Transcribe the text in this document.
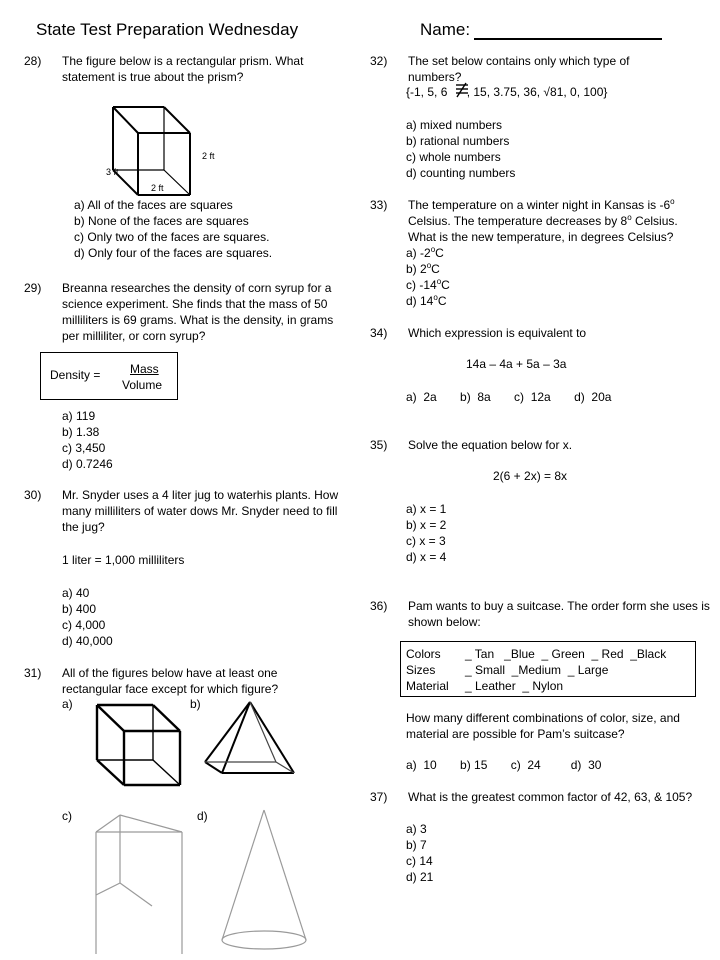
State Test Preparation Wednesday	Name:
28) The figure below is a rectangular prism. What statement is true about the prism?
2 ft
3 ft
2 ft
a) All of the faces are squares
b) None of the faces are squares
c) Only two of the faces are squares.
d) Only four of the faces are squares.
29) Breanna researches the density of corn syrup for a science experiment. She finds that the mass of 50 milliliters is 69 grams. What is the density, in grams per milliliter, or corn syrup?
Density = Mass
Volume
a) 119
b) 1.38
c) 3,450
d) 0.7246
30) Mr. Snyder uses a 4 liter jug to waterhis plants. How many milliliters of water dows Mr. Snyder need to fill the jug?
1 liter = 1,000 milliliters
a) 40
b) 400
c) 4,000
d) 40,000
31) All of the figures below have at least one rectangular face except for which figure?
a)	b)
c)	d)
32) The set below contains only which type of numbers?
{-1, 5, 6
, 15, 3.75, 36, √81, 0, 100}
a) mixed numbers
b) rational numbers
c) whole numbers
d) counting numbers
33) The temperature on a winter night in Kansas is -6$^o$
Celsius. The temperature decreases by 8$^o$ Celsius.
What is the new temperature, in degrees Celsius?
a) -2$^o$C
b) 2$^o$C
c) -14$^o$C
d) 14$^o$C
34) Which expression is equivalent to
14a – 4a + 5a – 3a
a)  2a       b)  8a       c)  12a       d)  20a
35) Solve the equation below for x.
2(6 + 2x) = 8x
a) x = 1
b) x = 2
c) x = 3
d) x = 4
36) Pam wants to buy a suitcase. The order form she uses is shown below:
Colors _ Tan   _Blue  _ Green  _ Red  _Black
Sizes _ Small  _Medium  _ Large
Material _ Leather  _ Nylon
How many different combinations of color, size, and material are possible for Pam’s suitcase?
a)  10       b) 15       c)  24         d)  30
37) What is the greatest common factor of 42, 63, & 105?
a) 3
b) 7
c) 14
d) 21
